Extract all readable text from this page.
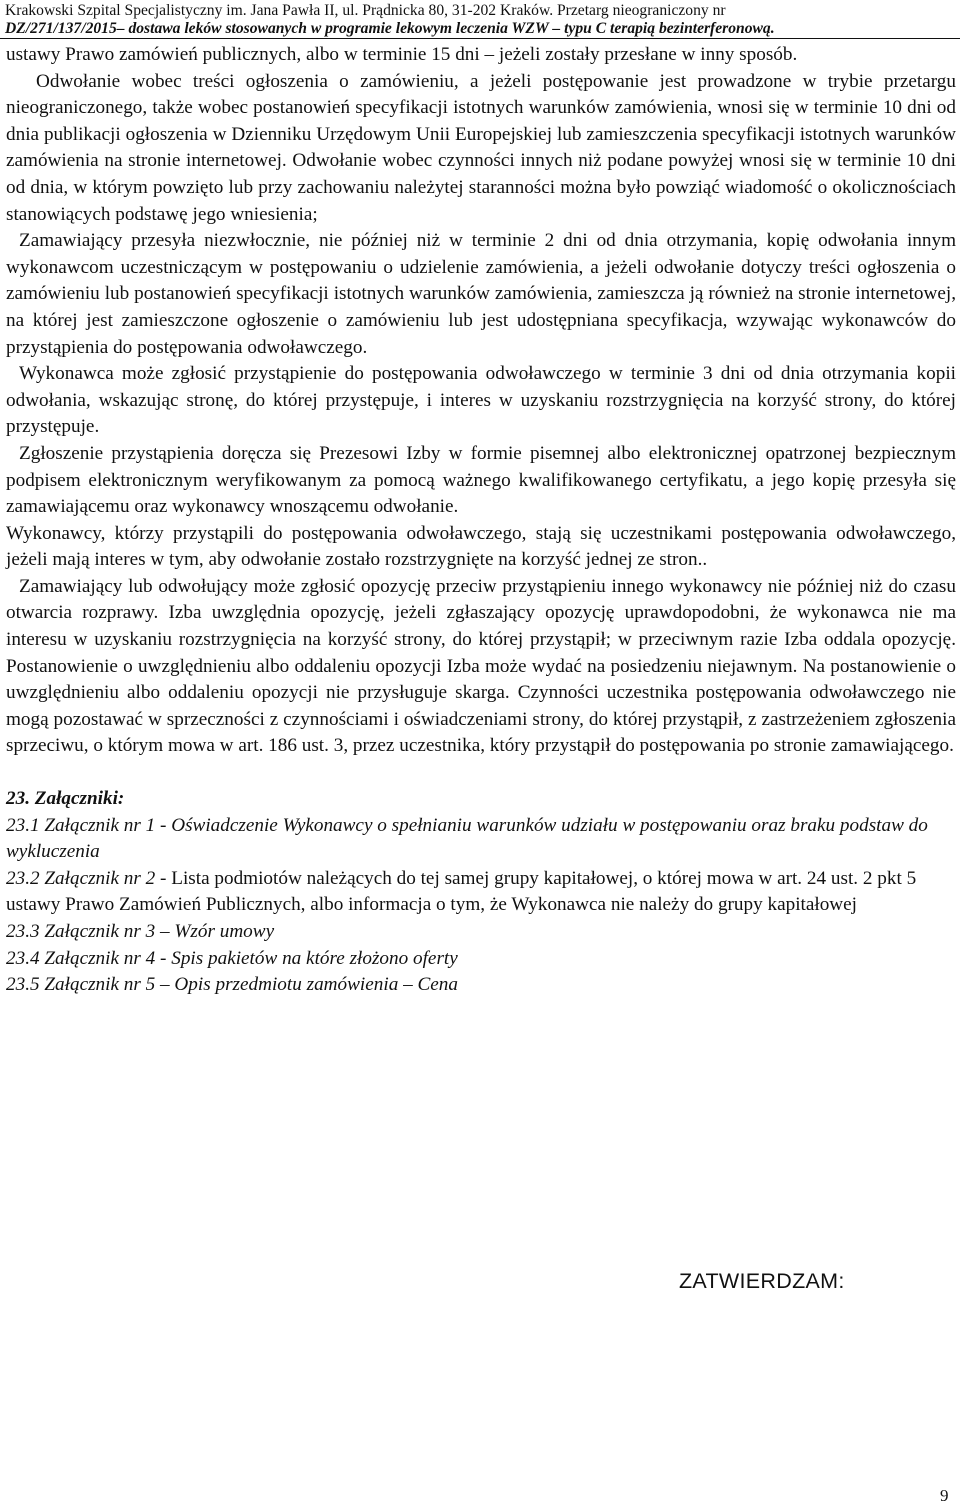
Krakowski Szpital Specjalistyczny im. Jana Pawła II, ul. Prądnicka 80, 31-202 Kraków. Przetarg nieograniczony nr
DZ/271/137/2015– dostawa leków stosowanych w programie lekowym leczenia WZW – typu C terapią bezinterferonową.

ustawy Prawo zamówień publicznych, albo w terminie 15 dni – jeżeli zostały przesłane w inny sposób.

Odwołanie wobec treści ogłoszenia o zamówieniu, a jeżeli postępowanie jest prowadzone w trybie przetargu nieograniczonego, także wobec postanowień specyfikacji istotnych warunków zamówienia, wnosi się w terminie 10 dni od dnia publikacji ogłoszenia w Dzienniku Urzędowym Unii Europejskiej lub zamieszczenia specyfikacji istotnych warunków zamówienia na stronie internetowej. Odwołanie wobec czynności innych niż podane powyżej wnosi się w terminie 10 dni od dnia, w którym powzięto lub przy zachowaniu należytej staranności można było powziąć wiadomość o okolicznościach stanowiących podstawę jego wniesienia;

Zamawiający przesyła niezwłocznie, nie później niż w terminie 2 dni od dnia otrzymania, kopię odwołania innym wykonawcom uczestniczącym w postępowaniu o udzielenie zamówienia, a jeżeli odwołanie dotyczy treści ogłoszenia o zamówieniu lub postanowień specyfikacji istotnych warunków zamówienia, zamieszcza ją również na stronie internetowej, na której jest zamieszczone ogłoszenie o zamówieniu lub jest udostępniana specyfikacja, wzywając wykonawców do przystąpienia do postępowania odwoławczego.

Wykonawca może zgłosić przystąpienie do postępowania odwoławczego w terminie 3 dni od dnia otrzymania kopii odwołania, wskazując stronę, do której przystępuje, i interes w uzyskaniu rozstrzygnięcia na korzyść strony, do której przystępuje.

Zgłoszenie przystąpienia doręcza się Prezesowi Izby w formie pisemnej albo elektronicznej opatrzonej bezpiecznym podpisem elektronicznym weryfikowanym za pomocą ważnego kwalifikowanego certyfikatu, a jego kopię przesyła się zamawiającemu oraz wykonawcy wnoszącemu odwołanie.

Wykonawcy, którzy przystąpili do postępowania odwoławczego, stają się uczestnikami postępowania odwoławczego, jeżeli mają interes w tym, aby odwołanie zostało rozstrzygnięte na korzyść jednej ze stron..

Zamawiający lub odwołujący może zgłosić opozycję przeciw przystąpieniu innego wykonawcy nie później niż do czasu otwarcia rozprawy. Izba uwzględnia opozycję, jeżeli zgłaszający opozycję uprawdopodobni, że wykonawca nie ma interesu w uzyskaniu rozstrzygnięcia na korzyść strony, do której przystąpił; w przeciwnym razie Izba oddala opozycję. Postanowienie o uwzględnieniu albo oddaleniu opozycji Izba może wydać na posiedzeniu niejawnym. Na postanowienie o uwzględnieniu albo oddaleniu opozycji nie przysługuje skarga. Czynności uczestnika postępowania odwoławczego nie mogą pozostawać w sprzeczności z czynnościami i oświadczeniami strony, do której przystąpił, z zastrzeżeniem zgłoszenia sprzeciwu, o którym mowa w art. 186 ust. 3, przez uczestnika, który przystąpił do postępowania po stronie zamawiającego.

23. Załączniki:

23.1 Załącznik nr 1 - Oświadczenie Wykonawcy o spełnianiu warunków udziału w postępowaniu oraz braku podstaw do wykluczenia
23.2 Załącznik nr 2 - Lista podmiotów należących do tej samej grupy kapitałowej, o której mowa w art. 24 ust. 2 pkt 5 ustawy Prawo Zamówień Publicznych, albo informacja o tym, że Wykonawca nie należy do grupy kapitałowej
23.3 Załącznik nr 3 – Wzór umowy
23.4 Załącznik nr 4 - Spis pakietów na które złożono oferty
23.5 Załącznik nr 5 – Opis przedmiotu zamówienia – Cena
ZATWIERDZAM:
9
